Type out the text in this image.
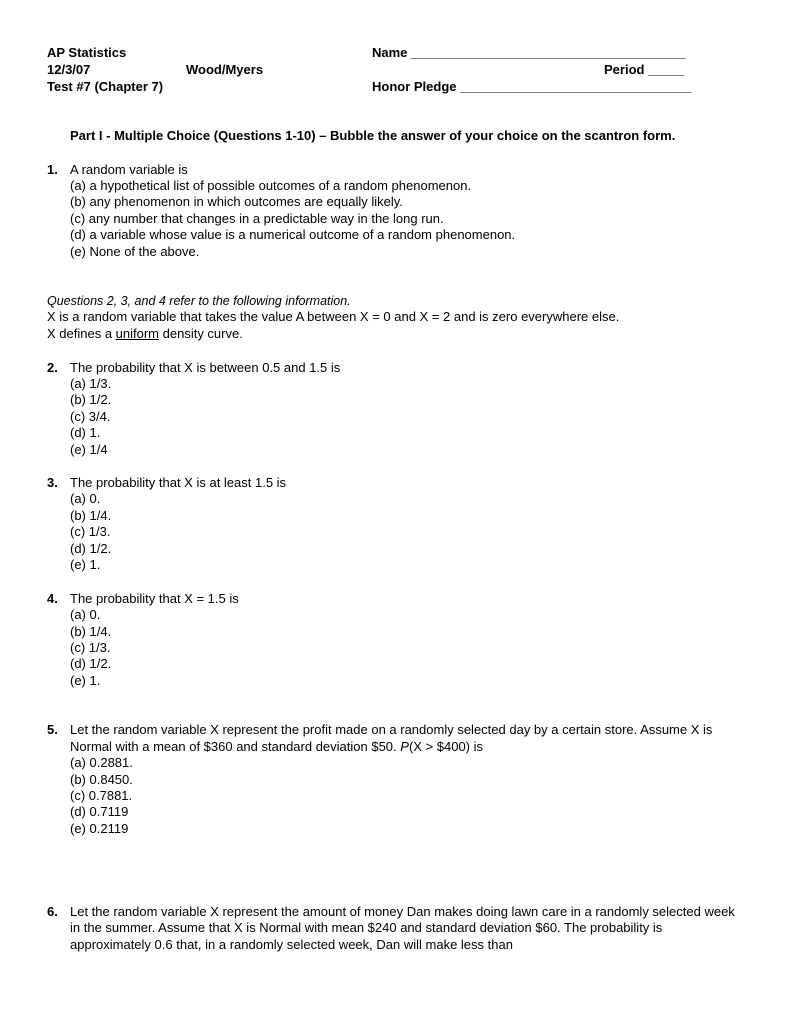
AP Statistics
12/3/07	Wood/Myers
Test #7 (Chapter 7)
Name ______________________________________
Period _____
Honor Pledge ________________________________
Part I - Multiple Choice (Questions 1-10) – Bubble the answer of your choice on the scantron form.
1. A random variable is
(a) a hypothetical list of possible outcomes of a random phenomenon.
(b) any phenomenon in which outcomes are equally likely.
(c) any number that changes in a predictable way in the long run.
(d) a variable whose value is a numerical outcome of a random phenomenon.
(e) None of the above.
Questions 2, 3, and 4 refer to the following information.
X is a random variable that takes the value A between X = 0 and X = 2 and is zero everywhere else.
X defines a uniform density curve.
2. The probability that X is between 0.5 and 1.5 is
(a) 1/3.
(b) 1/2.
(c) 3/4.
(d) 1.
(e) 1/4
3. The probability that X is at least 1.5 is
(a) 0.
(b) 1/4.
(c) 1/3.
(d) 1/2.
(e) 1.
4. The probability that X = 1.5 is
(a) 0.
(b) 1/4.
(c) 1/3.
(d) 1/2.
(e) 1.
5. Let the random variable X represent the profit made on a randomly selected day by a certain store. Assume X is
Normal with a mean of $360 and standard deviation $50. P(X > $400) is
(a) 0.2881.
(b) 0.8450.
(c) 0.7881.
(d) 0.7119
(e) 0.2119
6. Let the random variable X represent the amount of money Dan makes doing lawn care in a randomly selected week
in the summer. Assume that X is Normal with mean $240 and standard deviation $60. The probability is
approximately 0.6 that, in a randomly selected week, Dan will make less than
